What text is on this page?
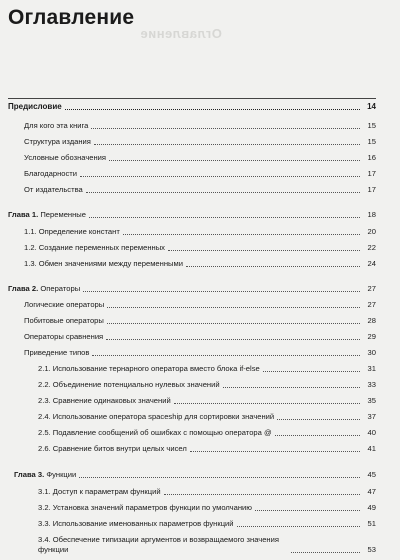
Оглавление
Оглавление
Предисловие	14
Для кого эта книга	15
Структура издания	15
Условные обозначения	16
Благодарности	17
От издательства	17
Глава 1. Переменные	18
1.1. Определение констант	20
1.2. Создание переменных переменных	22
1.3. Обмен значениями между переменными	24
Глава 2. Операторы	27
Логические операторы	27
Побитовые операторы	28
Операторы сравнения	29
Приведение типов	30
2.1. Использование тернарного оператора вместо блока if-else	31
2.2. Объединение потенциально нулевых значений	33
2.3. Сравнение одинаковых значений	35
2.4. Использование оператора spaceship для сортировки значений	37
2.5. Подавление сообщений об ошибках с помощью оператора @	40
2.6. Сравнение битов внутри целых чисел	41
Глава 3. Функции	45
3.1. Доступ к параметрам функций	47
3.2. Установка значений параметров функции по умолчанию	49
3.3. Использование именованных параметров функций	51
3.4. Обеспечение типизации аргументов и возвращаемого значения функции	53
